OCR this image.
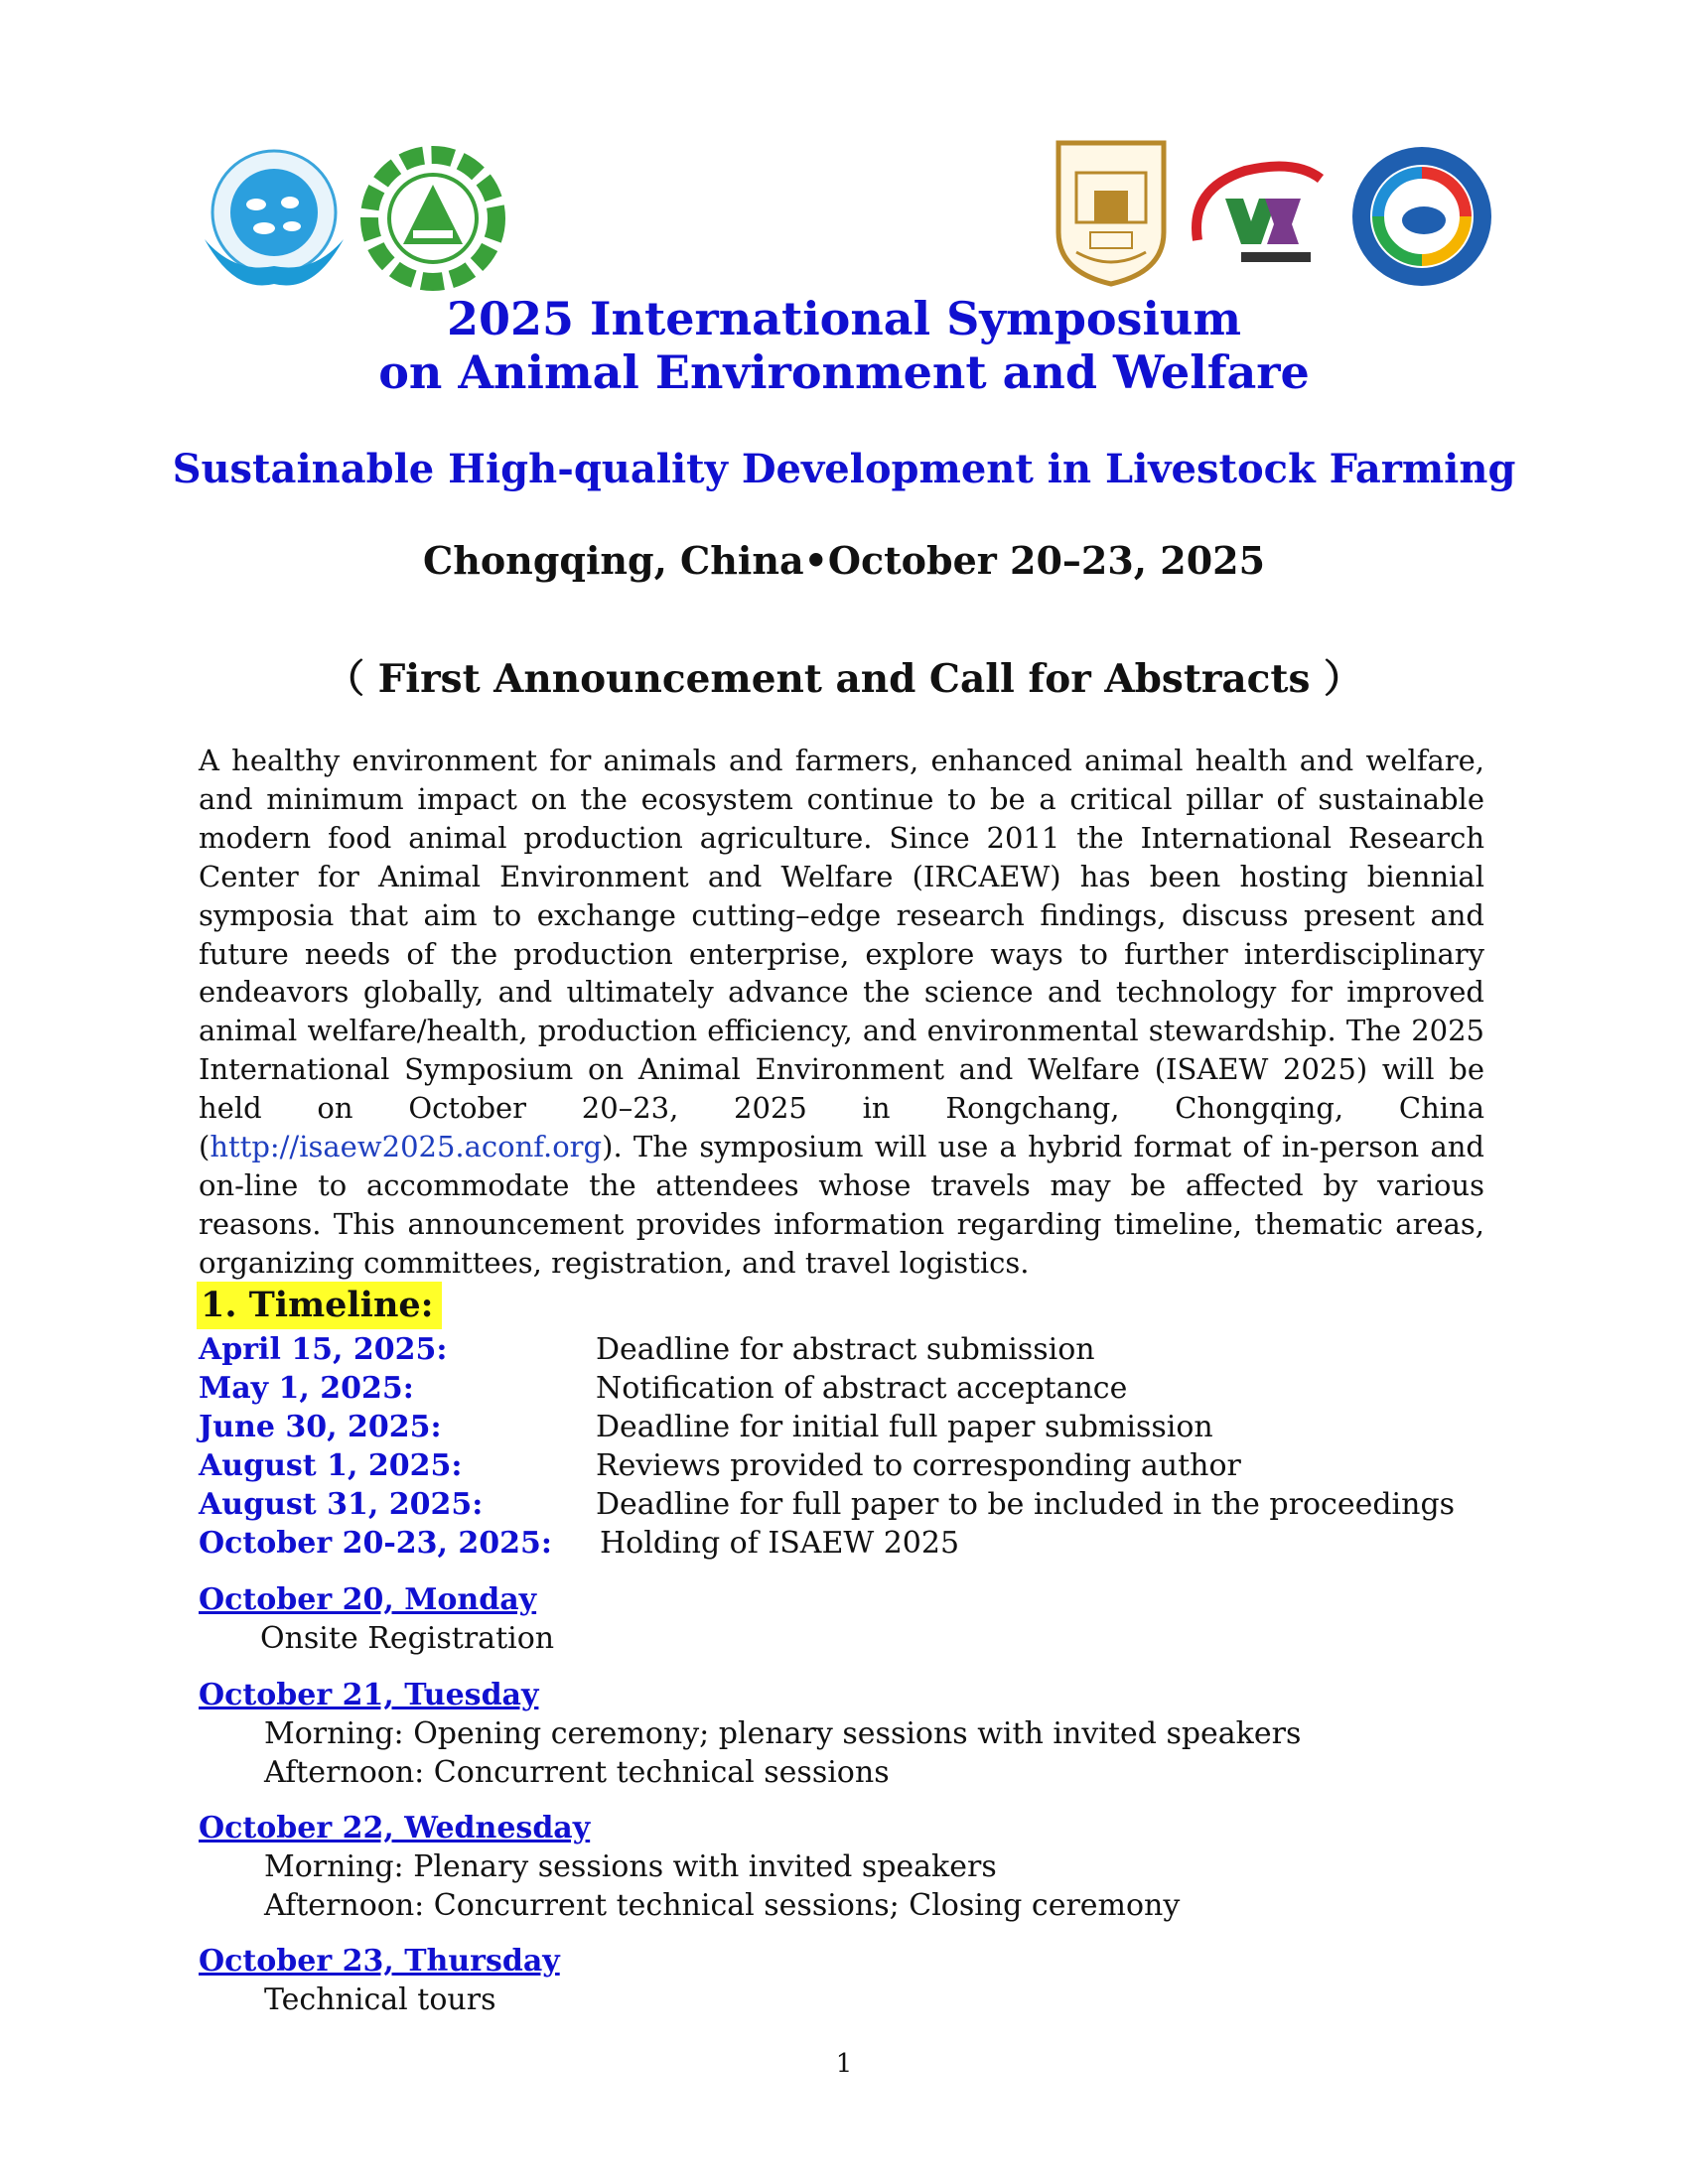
2025 International Symposium
on Animal Environment and Welfare
Sustainable High-quality Development in Livestock Farming
Chongqing, China•October 20–23, 2025
（ First Announcement and Call for Abstracts ）
A healthy environment for animals and farmers, enhanced animal health and welfare, and minimum impact on the ecosystem continue to be a critical pillar of sustainable modern food animal production agriculture. Since 2011 the International Research Center for Animal Environment and Welfare (IRCAEW) has been hosting biennial symposia that aim to exchange cutting–edge research findings, discuss present and future needs of the production enterprise, explore ways to further interdisciplinary endeavors globally, and ultimately advance the science and technology for improved animal welfare/health, production efficiency, and environmental stewardship. The 2025 International Symposium on Animal Environment and Welfare (ISAEW 2025) will be held on October 20–23, 2025 in Rongchang, Chongqing, China (http://isaew2025.aconf.org). The symposium will use a hybrid format of in-person and on-line to accommodate the attendees whose travels may be affected by various reasons. This announcement provides information regarding timeline, thematic areas, organizing committees, registration, and travel logistics.
1. Timeline:
April 15, 2025:	Deadline for abstract submission
May 1, 2025:	Notification of abstract acceptance
June 30, 2025:	Deadline for initial full paper submission
August 1, 2025:	Reviews provided to corresponding author
August 31, 2025:	Deadline for full paper to be included in the proceedings
October 20-23, 2025: Holding of ISAEW 2025
October 20, Monday
Onsite Registration
October 21, Tuesday
Morning: Opening ceremony; plenary sessions with invited speakers
Afternoon: Concurrent technical sessions
October 22, Wednesday
Morning: Plenary sessions with invited speakers
Afternoon: Concurrent technical sessions; Closing ceremony
October 23, Thursday
Technical tours
1
